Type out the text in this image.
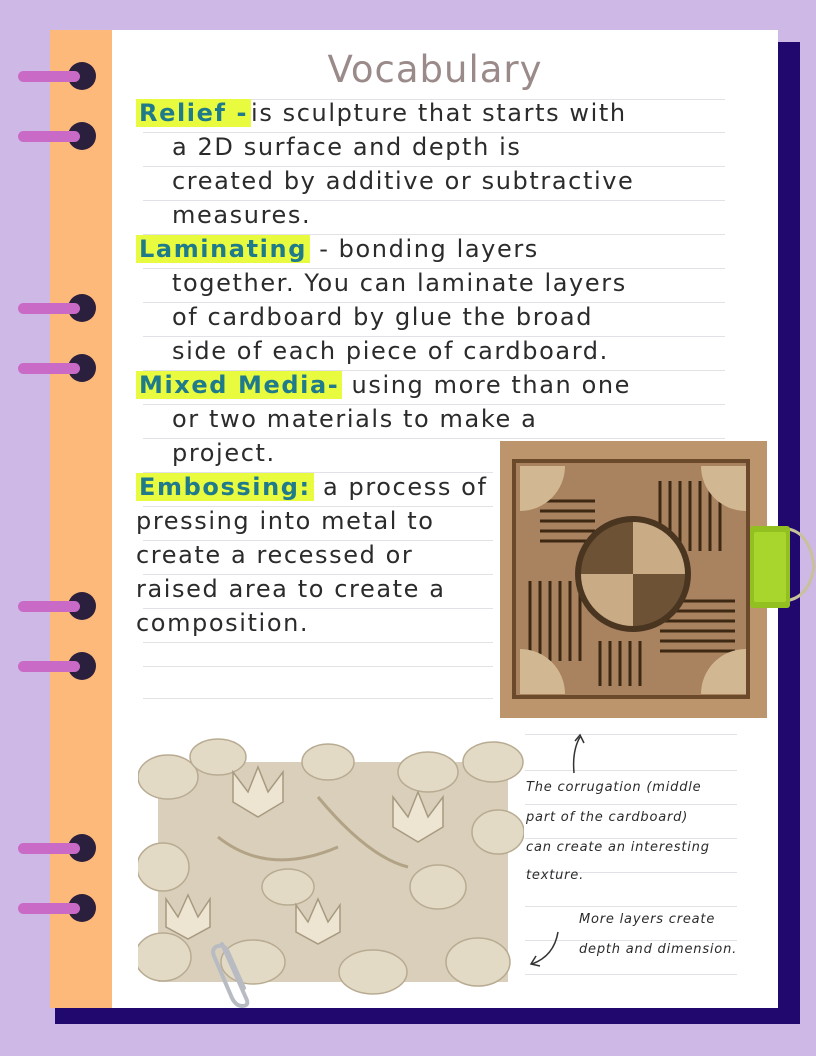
Vocabulary
Relief - is sculpture that starts with
a 2D surface and depth is
created by additive or subtractive
measures.
Laminating - bonding layers
together. You can laminate layers
of cardboard by glue the broad
side of each piece of cardboard.
Mixed Media- using more than one
or two materials to make a
project.
Embossing: a process of
pressing into metal to
create a recessed or
raised area to create a
composition.
The corrugation (middle
part of the cardboard)
can create an interesting
texture.
More layers create
depth and dimension.
